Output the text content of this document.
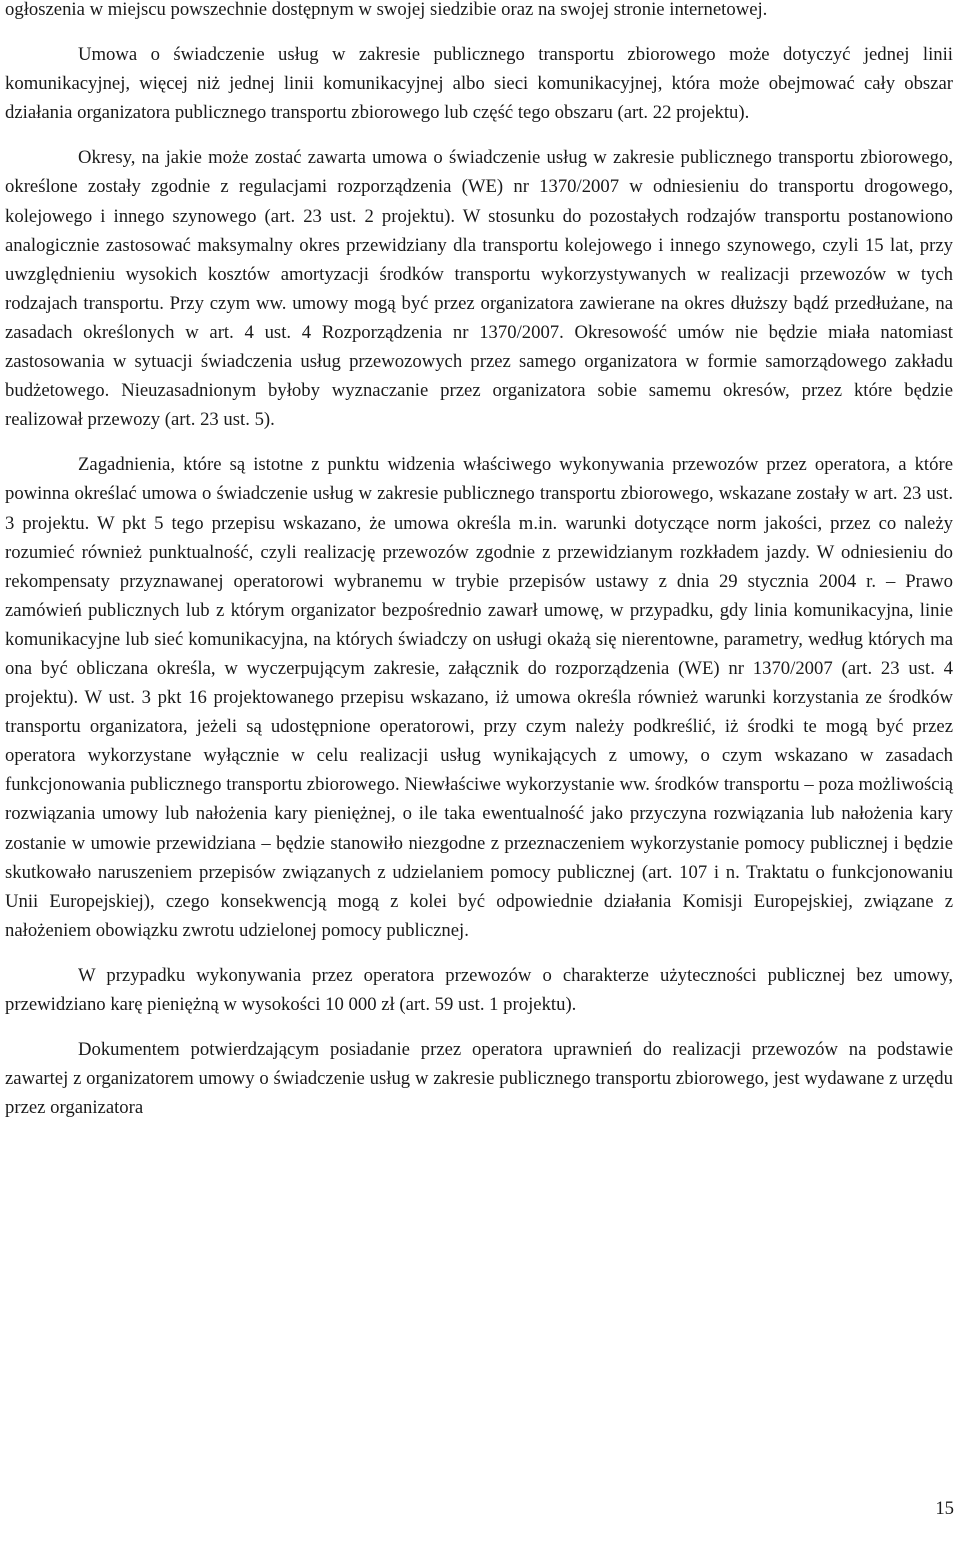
ogłoszenia w miejscu powszechnie dostępnym w swojej siedzibie oraz na swojej stronie internetowej.

Umowa o świadczenie usług w zakresie publicznego transportu zbiorowego może dotyczyć jednej linii komunikacyjnej, więcej niż jednej linii komunikacyjnej albo sieci komunikacyjnej, która może obejmować cały obszar działania organizatora publicznego transportu zbiorowego lub część tego obszaru (art. 22 projektu).

Okresy, na jakie może zostać zawarta umowa o świadczenie usług w zakresie publicznego transportu zbiorowego, określone zostały zgodnie z regulacjami rozporządzenia (WE) nr 1370/2007 w odniesieniu do transportu drogowego, kolejowego i innego szynowego (art. 23 ust. 2 projektu). W stosunku do pozostałych rodzajów transportu postanowiono analogicznie zastosować maksymalny okres przewidziany dla transportu kolejowego i innego szynowego, czyli 15 lat, przy uwzględnieniu wysokich kosztów amortyzacji środków transportu wykorzystywanych w realizacji przewozów w tych rodzajach transportu. Przy czym ww. umowy mogą być przez organizatora zawierane na okres dłuższy bądź przedłużane, na zasadach określonych w art. 4 ust. 4 Rozporządzenia nr 1370/2007. Okresowość umów nie będzie miała natomiast zastosowania w sytuacji świadczenia usług przewozowych przez samego organizatora w formie samorządowego zakładu budżetowego. Nieuzasadnionym byłoby wyznaczanie przez organizatora sobie samemu okresów, przez które będzie realizował przewozy (art. 23 ust. 5).

Zagadnienia, które są istotne z punktu widzenia właściwego wykonywania przewozów przez operatora, a które powinna określać umowa o świadczenie usług w zakresie publicznego transportu zbiorowego, wskazane zostały w art. 23 ust. 3 projektu. W pkt 5 tego przepisu wskazano, że umowa określa m.in. warunki dotyczące norm jakości, przez co należy rozumieć również punktualność, czyli realizację przewozów zgodnie z przewidzianym rozkładem jazdy. W odniesieniu do rekompensaty przyznawanej operatorowi wybranemu w trybie przepisów ustawy z dnia 29 stycznia 2004 r. – Prawo zamówień publicznych lub z którym organizator bezpośrednio zawarł umowę, w przypadku, gdy linia komunikacyjna, linie komunikacyjne lub sieć komunikacyjna, na których świadczy on usługi okażą się nierentowne, parametry, według których ma ona być obliczana określa, w wyczerpującym zakresie, załącznik do rozporządzenia (WE) nr 1370/2007 (art. 23 ust. 4 projektu). W ust. 3 pkt 16 projektowanego przepisu wskazano, iż umowa określa również warunki korzystania ze środków transportu organizatora, jeżeli są udostępnione operatorowi, przy czym należy podkreślić, iż środki te mogą być przez operatora wykorzystane wyłącznie w celu realizacji usług wynikających z umowy, o czym wskazano w zasadach funkcjonowania publicznego transportu zbiorowego. Niewłaściwe wykorzystanie ww. środków transportu – poza możliwością rozwiązania umowy lub nałożenia kary pieniężnej, o ile taka ewentualność jako przyczyna rozwiązania lub nałożenia kary zostanie w umowie przewidziana – będzie stanowiło niezgodne z przeznaczeniem wykorzystanie pomocy publicznej i będzie skutkowało naruszeniem przepisów związanych z udzielaniem pomocy publicznej (art. 107 i n. Traktatu o funkcjonowaniu Unii Europejskiej), czego konsekwencją mogą z kolei być odpowiednie działania Komisji Europejskiej, związane z nałożeniem obowiązku zwrotu udzielonej pomocy publicznej.

W przypadku wykonywania przez operatora przewozów o charakterze użyteczności publicznej bez umowy, przewidziano karę pieniężną w wysokości 10 000 zł (art. 59 ust. 1 projektu).

Dokumentem potwierdzającym posiadanie przez operatora uprawnień do realizacji przewozów na podstawie zawartej z organizatorem umowy o świadczenie usług w zakresie publicznego transportu zbiorowego, jest wydawane z urzędu przez organizatora

15
